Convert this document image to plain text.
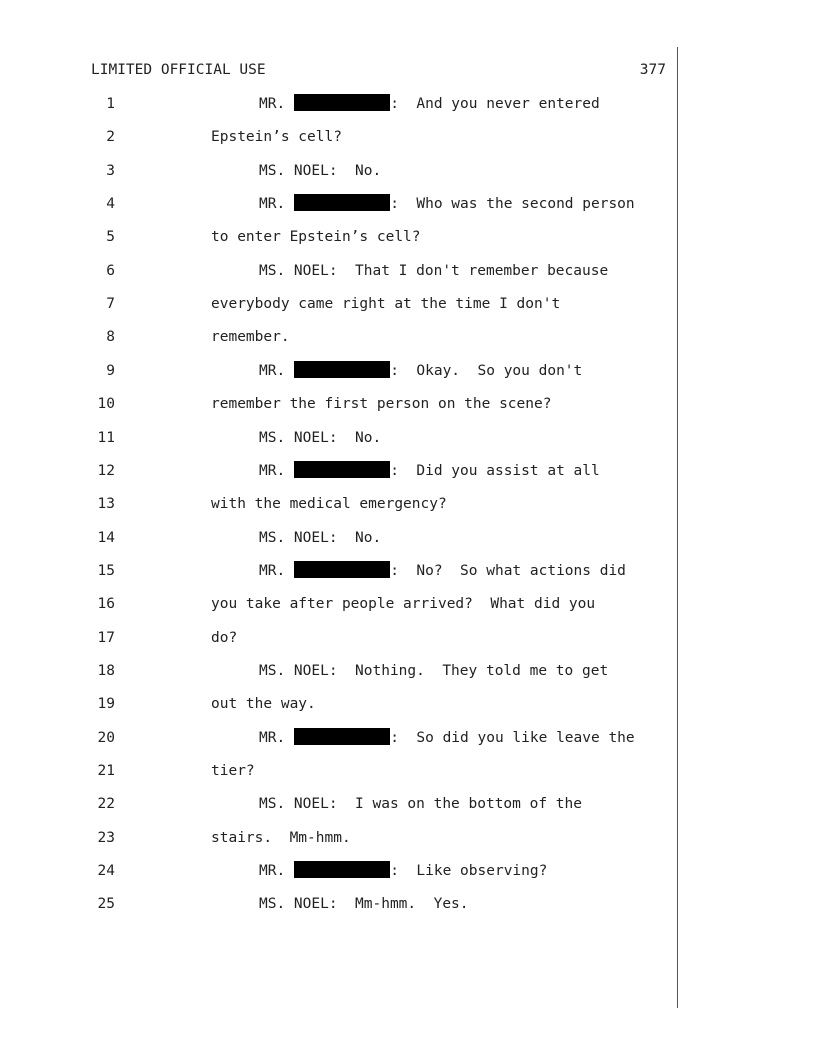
LIMITED OFFICIAL USE	377
1	MR.	:  And you never entered
2	Epstein’s cell?
3	MS. NOEL:  No.
4	MR.	:  Who was the second person
5	to enter Epstein’s cell?
6	MS. NOEL:  That I don't remember because
7	everybody came right at the time I don't
8	remember.
9	MR.	:  Okay.  So you don't
10	remember the first person on the scene?
11	MS. NOEL:  No.
12	MR.	:  Did you assist at all
13	with the medical emergency?
14	MS. NOEL:  No.
15	MR.	:  No?  So what actions did
16	you take after people arrived?  What did you
17	do?
18	MS. NOEL:  Nothing.  They told me to get
19	out the way.
20	MR.	:  So did you like leave the
21	tier?
22	MS. NOEL:  I was on the bottom of the
23	stairs.  Mm-hmm.
24	MR.	:  Like observing?
25	MS. NOEL:  Mm-hmm.  Yes.
